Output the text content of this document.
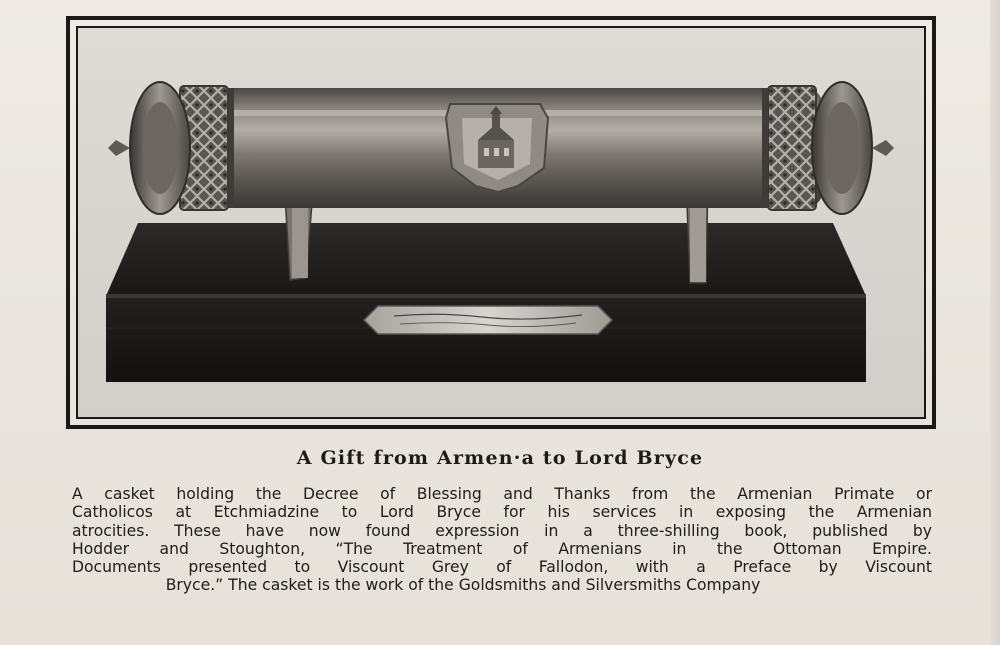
A Gift from Armen·a to Lord Bryce
A casket holding the Decree of Blessing and Thanks from the Armenian Primate or
Catholicos at Etchmiadzine to Lord Bryce for his services in exposing the Armenian
atrocities. These have now found expression in a three-shilling book, published by
Hodder and Stoughton, “The Treatment of Armenians in the Ottoman Empire.
Documents presented to Viscount Grey of Fallodon, with a Preface by Viscount
Bryce.” The casket is the work of the Goldsmiths and Silversmiths Company
